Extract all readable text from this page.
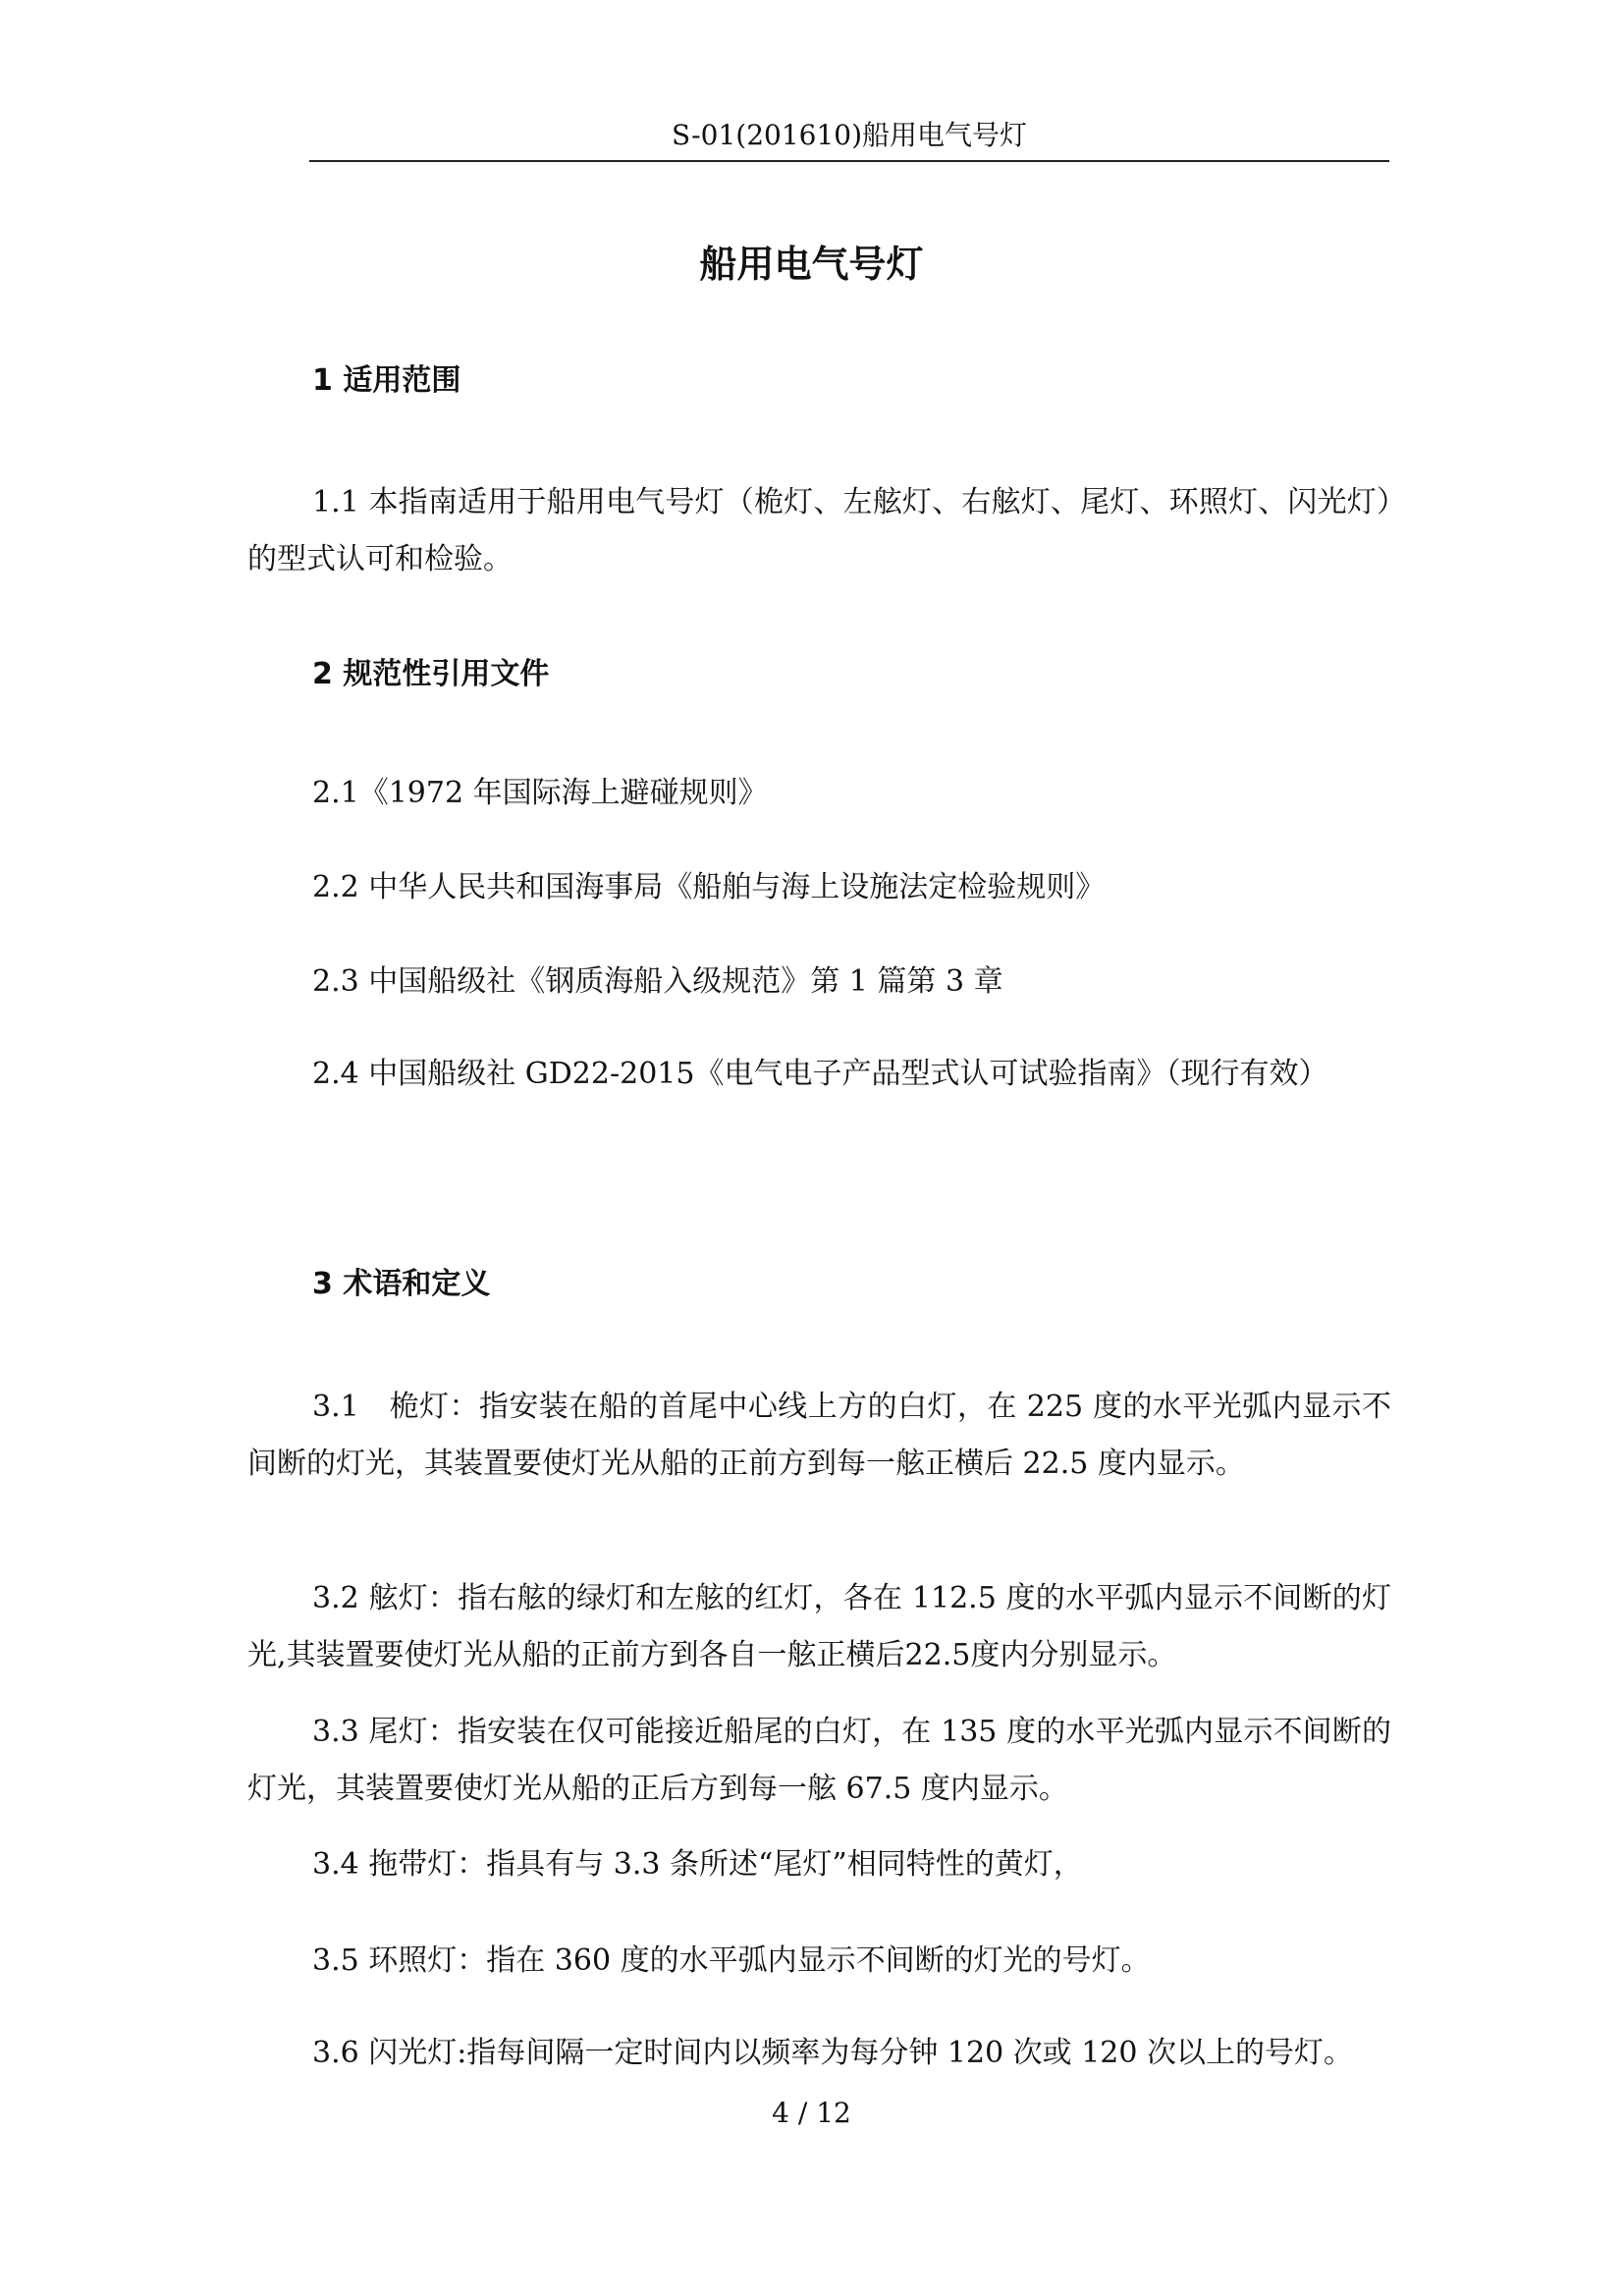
S-01(201610)船用电气号灯
船用电气号灯
1 适用范围

1.1 本指南适用于船用电气号灯（桅灯、左舷灯、右舷灯、尾灯、环照灯、闪光灯）的型式认可和检验。

2 规范性引用文件

2.1《1972 年国际海上避碰规则》

2.2 中华人民共和国海事局《船舶与海上设施法定检验规则》

2.3 中国船级社《钢质海船入级规范》第 1 篇第 3 章

2.4 中国船级社 GD22-2015《电气电子产品型式认可试验指南》（现行有效）

3 术语和定义

3.1　桅灯：指安装在船的首尾中心线上方的白灯，在 225 度的水平光弧内显示不间断的灯光，其装置要使灯光从船的正前方到每一舷正横后 22.5 度内显示。

3.2 舷灯：指右舷的绿灯和左舷的红灯，各在 112.5 度的水平弧内显示不间断的灯光,其装置要使灯光从船的正前方到各自一舷正横后22.5度内分别显示。

3.3 尾灯：指安装在仅可能接近船尾的白灯，在 135 度的水平光弧内显示不间断的灯光，其装置要使灯光从船的正后方到每一舷 67.5 度内显示。

3.4 拖带灯：指具有与 3.3 条所述“尾灯”相同特性的黄灯，

3.5 环照灯：指在 360 度的水平弧内显示不间断的灯光的号灯。

3.6 闪光灯:指每间隔一定时间内以频率为每分钟 120 次或 120 次以上的号灯。

4 / 12
